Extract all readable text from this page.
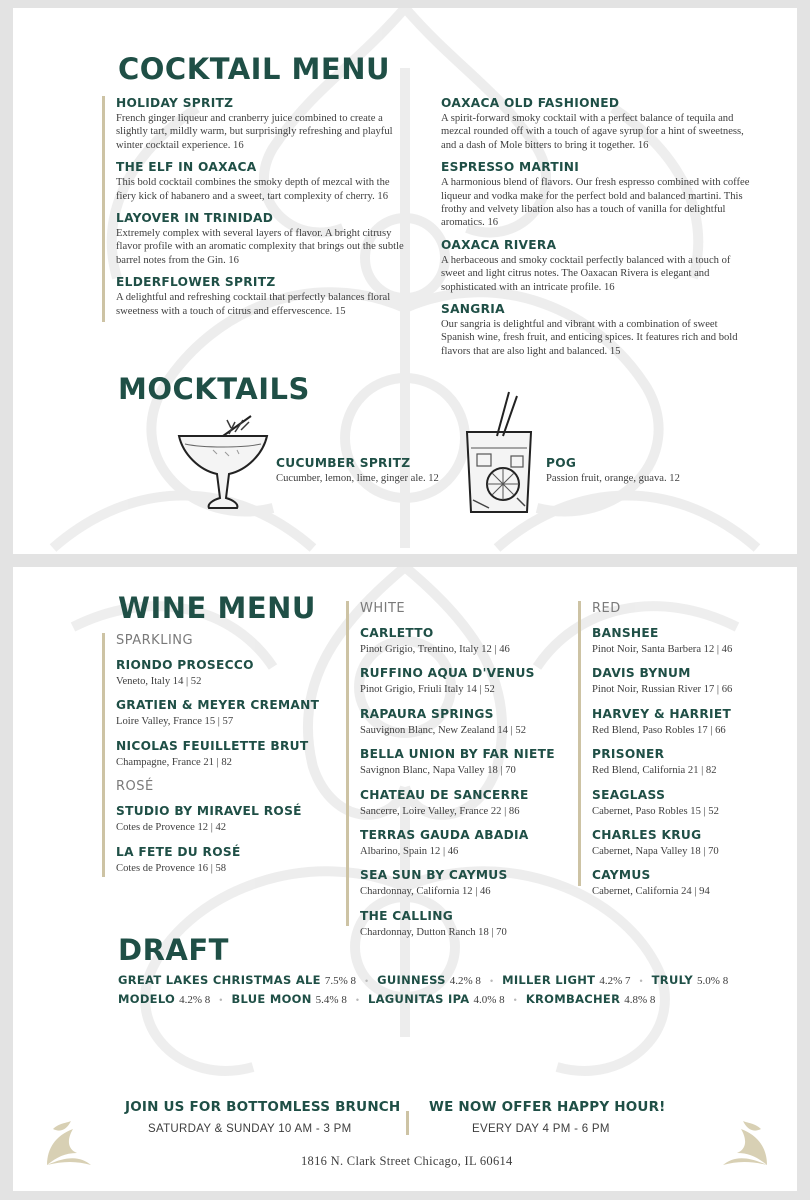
COCKTAIL MENU
HOLIDAY SPRITZ
French ginger liqueur and cranberry juice combined to create a slightly tart, mildly warm, but surprisingly refreshing and playful winter cocktail experience. 16
THE ELF IN OAXACA
This bold cocktail combines the smoky depth of mezcal with the fiery kick of habanero and a sweet, tart complexity of cherry. 16
LAYOVER IN TRINIDAD
Extremely complex with several layers of flavor. A bright citrusy flavor profile with an aromatic complexity that brings out the subtle barrel notes from the Gin. 16
ELDERFLOWER SPRITZ
A delightful and refreshing cocktail that perfectly balances floral sweetness with a touch of citrus and effervescence. 15
OAXACA OLD FASHIONED
A spirit-forward smoky cocktail with a perfect balance of tequila and mezcal rounded off with a touch of agave syrup for a hint of sweetness, and a dash of Mole bitters to bring it together. 16
ESPRESSO MARTINI
A harmonious blend of flavors. Our fresh espresso combined with coffee liqueur and vodka make for the perfect bold and balanced martini. This frothy and velvety libation also has a touch of vanilla for delightful aromatics. 16
OAXACA RIVERA
A herbaceous and smoky cocktail perfectly balanced with a touch of sweet and light citrus notes. The Oaxacan Rivera is elegant and sophisticated with an intricate profile. 16
SANGRIA
Our sangria is delightful and vibrant with a combination of sweet Spanish wine, fresh fruit, and enticing spices. It features rich and bold flavors that are also light and balanced. 15
MOCKTAILS
CUCUMBER SPRITZ
Cucumber, lemon, lime, ginger ale. 12
POG
Passion fruit, orange, guava. 12
WINE MENU
SPARKLING
RIONDO PROSECCO
Veneto, Italy 14 | 52
GRATIEN & MEYER CREMANT
Loire Valley, France 15 | 57
NICOLAS FEUILLETTE BRUT
Champagne, France 21 | 82
ROSÉ
STUDIO BY MIRAVEL ROSÉ
Cotes de Provence 12 | 42
LA FETE DU ROSÉ
Cotes de Provence 16 | 58
WHITE
CARLETTO
Pinot Grigio, Trentino, Italy 12 | 46
RUFFINO AQUA D'VENUS
Pinot Grigio, Friuli Italy 14 | 52
RAPAURA SPRINGS
Sauvignon Blanc, New Zealand 14 | 52
BELLA UNION BY FAR NIETE
Savignon Blanc, Napa Valley 18 | 70
CHATEAU DE SANCERRE
Sancerre, Loire Valley, France 22 | 86
TERRAS GAUDA ABADIA
Albarino, Spain 12 | 46
SEA SUN BY CAYMUS
Chardonnay, California 12 | 46
THE CALLING
Chardonnay, Dutton Ranch 18 | 70
RED
BANSHEE
Pinot Noir, Santa Barbera 12 | 46
DAVIS BYNUM
Pinot Noir, Russian River 17 | 66
HARVEY & HARRIET
Red Blend, Paso Robles 17 | 66
PRISONER
Red Blend, California 21 | 82
SEAGLASS
Cabernet, Paso Robles 15 | 52
CHARLES KRUG
Cabernet, Napa Valley 18 | 70
CAYMUS
Cabernet, California 24 | 94
DRAFT
GREAT LAKES CHRISTMAS ALE 7.5% 8 • GUINNESS 4.2% 8 • MILLER LIGHT 4.2% 7 • TRULY 5.0% 8
MODELO 4.2% 8 • BLUE MOON 5.4% 8 • LAGUNITAS IPA 4.0% 8 • KROMBACHER 4.8% 8
JOIN US FOR BOTTOMLESS BRUNCH
SATURDAY & SUNDAY 10 AM - 3 PM
WE NOW OFFER HAPPY HOUR!
EVERY DAY 4 PM - 6 PM
1816 N. Clark Street Chicago, IL 60614
